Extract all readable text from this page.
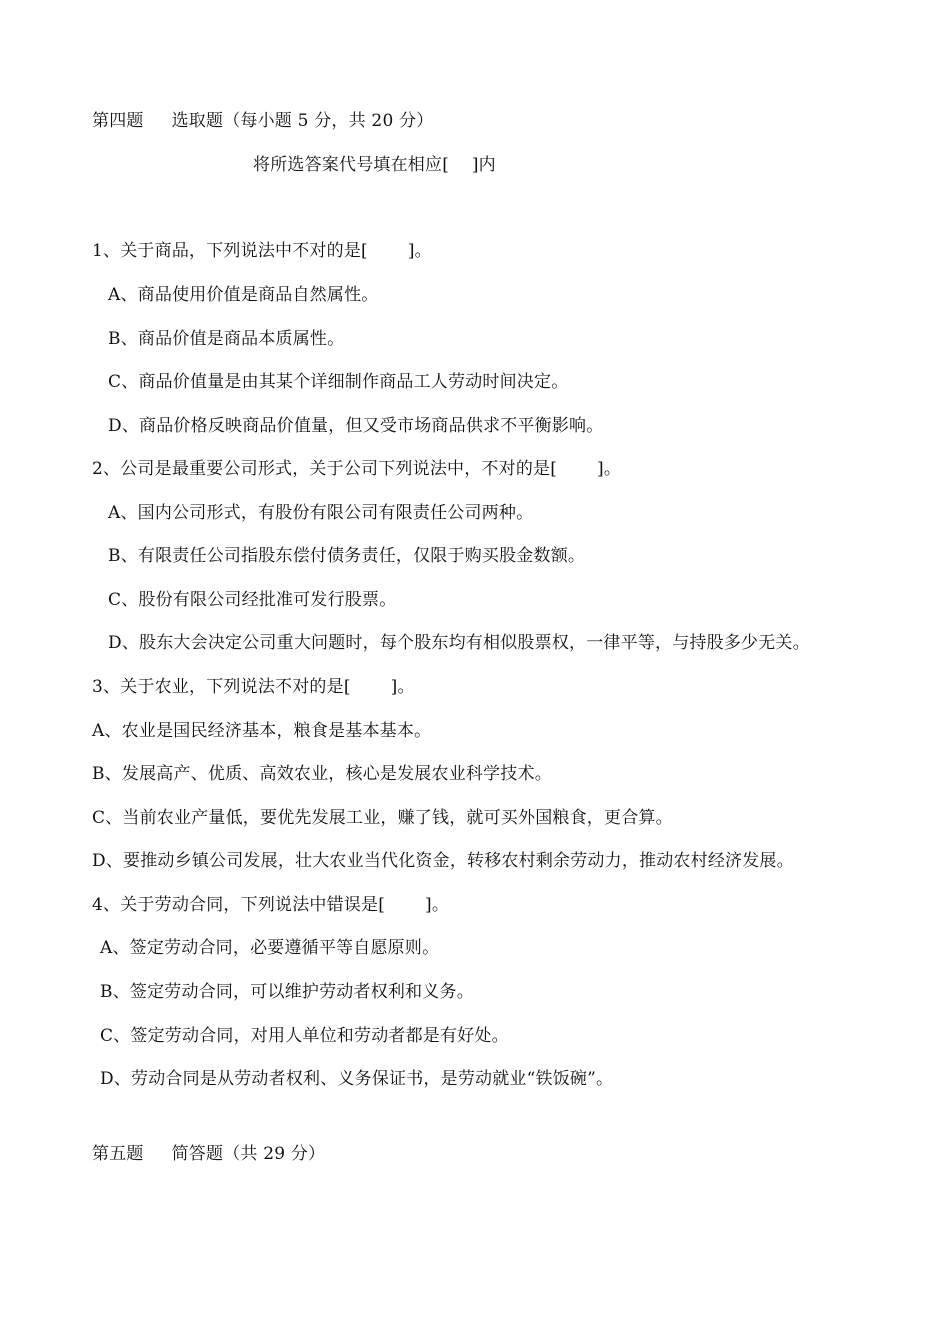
第四题 选取题（每小题 5 分，共 20 分）
将所选答案代号填在相应[　 ]内
1、关于商品，下列说法中不对的是[　　 ]。
A、商品使用价值是商品自然属性。
B、商品价值是商品本质属性。
C、商品价值量是由其某个详细制作商品工人劳动时间决定。
D、商品价格反映商品价值量，但又受市场商品供求不平衡影响。
2、公司是最重要公司形式，关于公司下列说法中，不对的是[　　 ]。
A、国内公司形式，有股份有限公司有限责任公司两种。
B、有限责任公司指股东偿付债务责任，仅限于购买股金数额。
C、股份有限公司经批准可发行股票。
D、股东大会决定公司重大问题时，每个股东均有相似股票权，一律平等，与持股多少无关。
3、关于农业，下列说法不对的是[　　 ]。
A、农业是国民经济基本，粮食是基本基本。
B、发展高产、优质、高效农业，核心是发展农业科学技术。
C、当前农业产量低，要优先发展工业，赚了钱，就可买外国粮食，更合算。
D、要推动乡镇公司发展，壮大农业当代化资金，转移农村剩余劳动力，推动农村经济发展。
4、关于劳动合同，下列说法中错误是[　　 ]。
A、签定劳动合同，必要遵循平等自愿原则。
B、签定劳动合同，可以维护劳动者权利和义务。
C、签定劳动合同，对用人单位和劳动者都是有好处。
D、劳动合同是从劳动者权利、义务保证书，是劳动就业“铁饭碗”。
第五题 简答题（共 29 分）
